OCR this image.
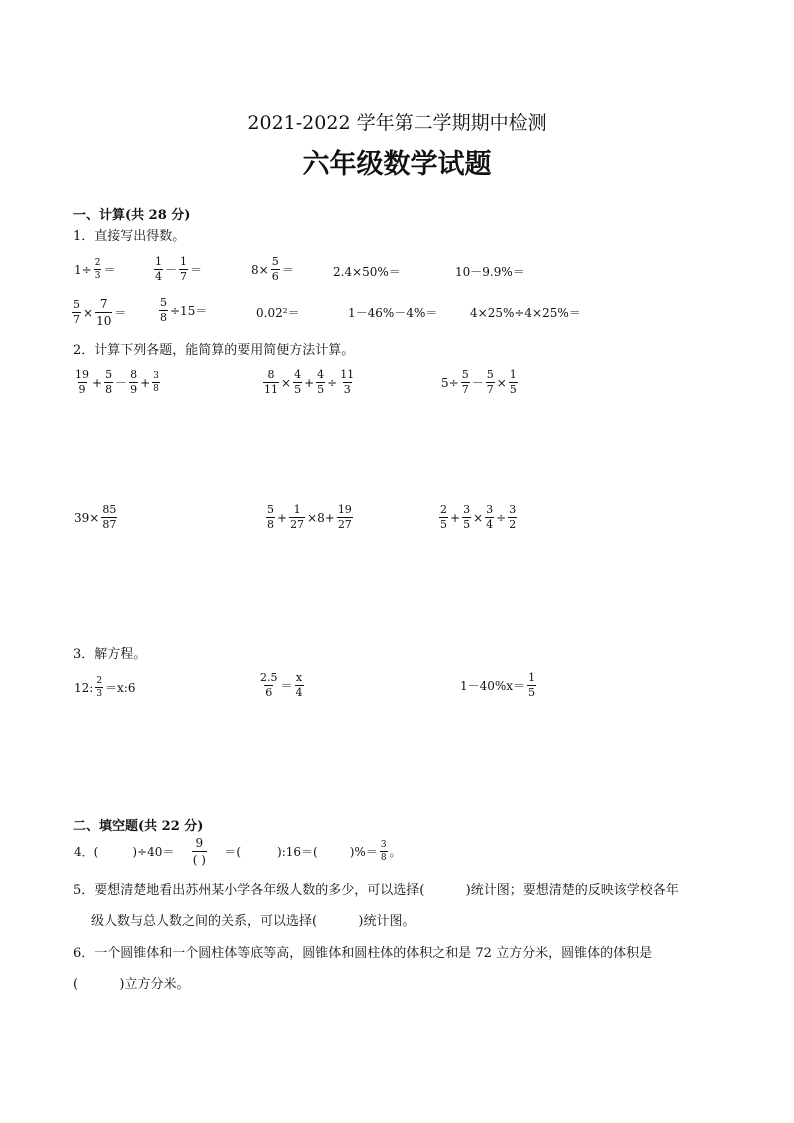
2021-2022 学年第二学期期中检测
六年级数学试题
一、计算(共 28 分)
1．直接写出得数。
$1\div \frac{2}{3}$ ＝	$\frac{1}{4} - \frac{1}{7}$ ＝	$8\times \frac{5}{6}$ ＝	2.4×50%＝	10－9.9%＝
$\frac{5}{7} \times \frac{7}{10}$ ＝	$\frac{5}{8} \div 15=$	0.02²＝	1－46%－4%＝	4×25%÷4×25%＝
2．计算下列各题，能简算的要用简便方法计算。
$\frac{19}{9} + \frac{5}{8} - \frac{8}{9} + \frac{3}{8}$	$\frac{8}{11} \times \frac{4}{5} + \frac{4}{5} \div \frac{11}{3}$	$5\div \frac{5}{7} - \frac{5}{7} \times \frac{1}{5}$
$39\times \frac{85}{87}$	$\frac{5}{8} + \frac{1}{27} \times 8+ \frac{19}{27}$	$\frac{2}{5} + \frac{3}{5} \times \frac{3}{4} \div \frac{3}{2}$
3．解方程。
12: $\frac{2}{3}$ ＝x:6	$\frac{2.5}{6} = \frac{x}{4}$	$1-40\%x= \frac{1}{5}$
二、填空题(共 22 分)
4．(	)$\div 40= \frac{9}{( )}$ ＝(	):16＝(	)%＝ $\frac{3}{8}$ 。
5．要想清楚地看出苏州某小学各年级人数的多少，可以选择(          )统计图；要想清楚的反映该学校各年
级人数与总人数之间的关系，可以选择(          )统计图。
6．一个圆锥体和一个圆柱体等底等高，圆锥体和圆柱体的体积之和是 72 立方分米，圆锥体的体积是
(          )立方分米。
